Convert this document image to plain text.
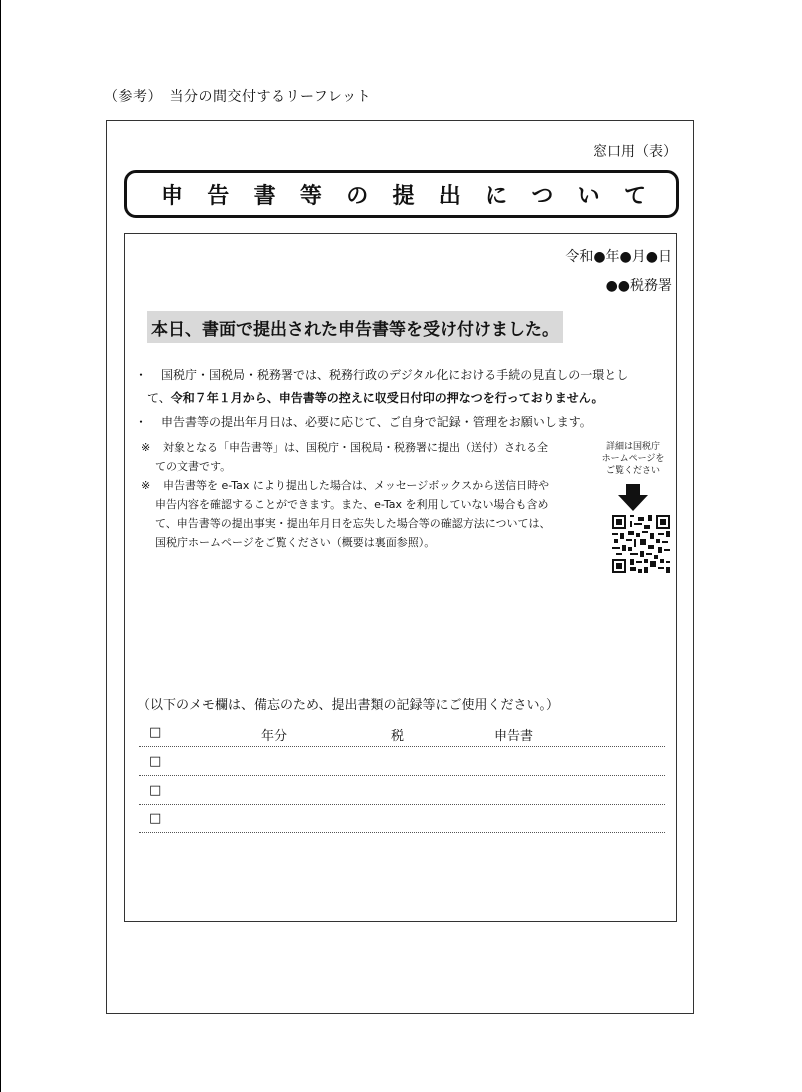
（参考）　当分の間交付するリーフレット
窓口用（表）
申 告 書 等 の 提 出 に つ い て
令和●年●月●日
●●税務署
本日、書面で提出された申告書等を受け付けました。
・ 国税庁・国税局・税務署では、税務行政のデジタル化における手続の見直しの一環とし
て、令和７年１月から、申告書等の控えに収受日付印の押なつを行っておりません。
・ 申告書等の提出年月日は、必要に応じて、ご自身で記録・管理をお願いします。
※ 対象となる「申告書等」は、国税庁・国税局・税務署に提出（送付）される全
ての文書です。
※ 申告書等を e-Tax により提出した場合は、メッセージボックスから送信日時や
申告内容を確認することができます。また、e-Tax を利用していない場合も含め
て、申告書等の提出事実・提出年月日を忘失した場合等の確認方法については、
国税庁ホームページをご覧ください（概要は裏面参照）。
詳細は国税庁
ホームページを
ご覧ください
（以下のメモ欄は、備忘のため、提出書類の記録等にご使用ください。）
□	年分	税	申告書
□
□
□
